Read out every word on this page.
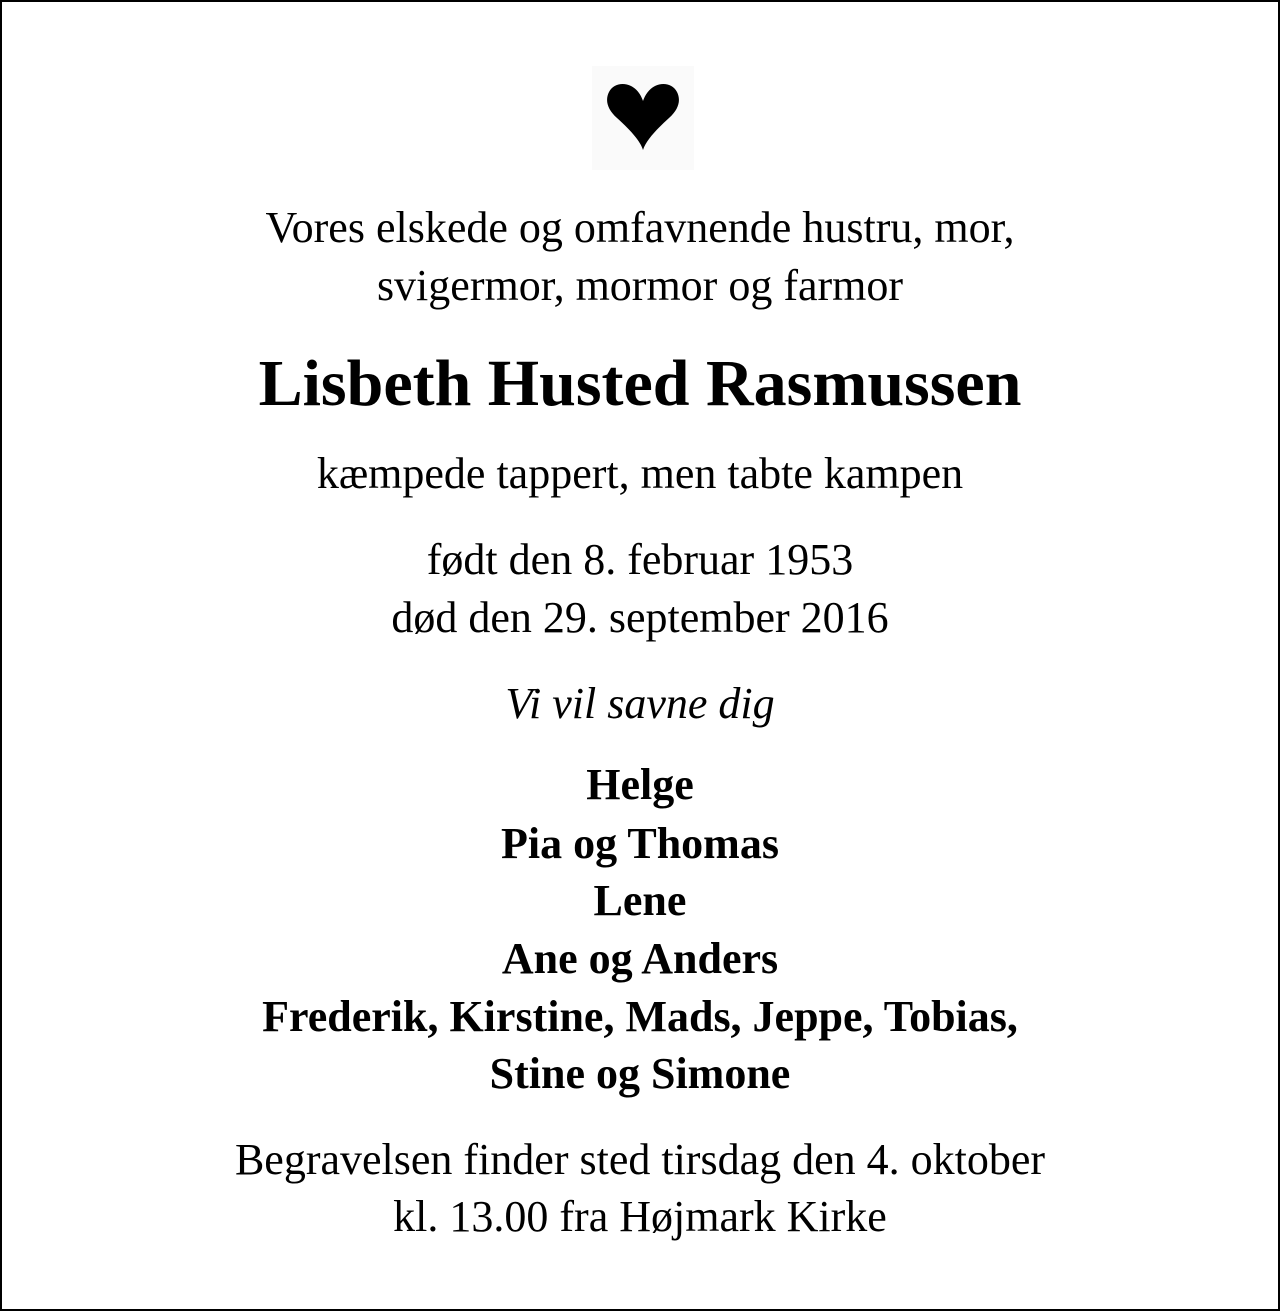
Vores elskede og omfavnende hustru, mor,

svigermor, mormor og farmor

Lisbeth Husted Rasmussen

kæmpede tappert, men tabte kampen

født den 8. februar 1953

død den 29. september 2016

Vi vil savne dig

Helge

Pia og Thomas

Lene

Ane og Anders

Frederik, Kirstine, Mads, Jeppe, Tobias,

Stine og Simone

Begravelsen finder sted tirsdag den 4. oktober

kl. 13.00 fra Højmark Kirke
